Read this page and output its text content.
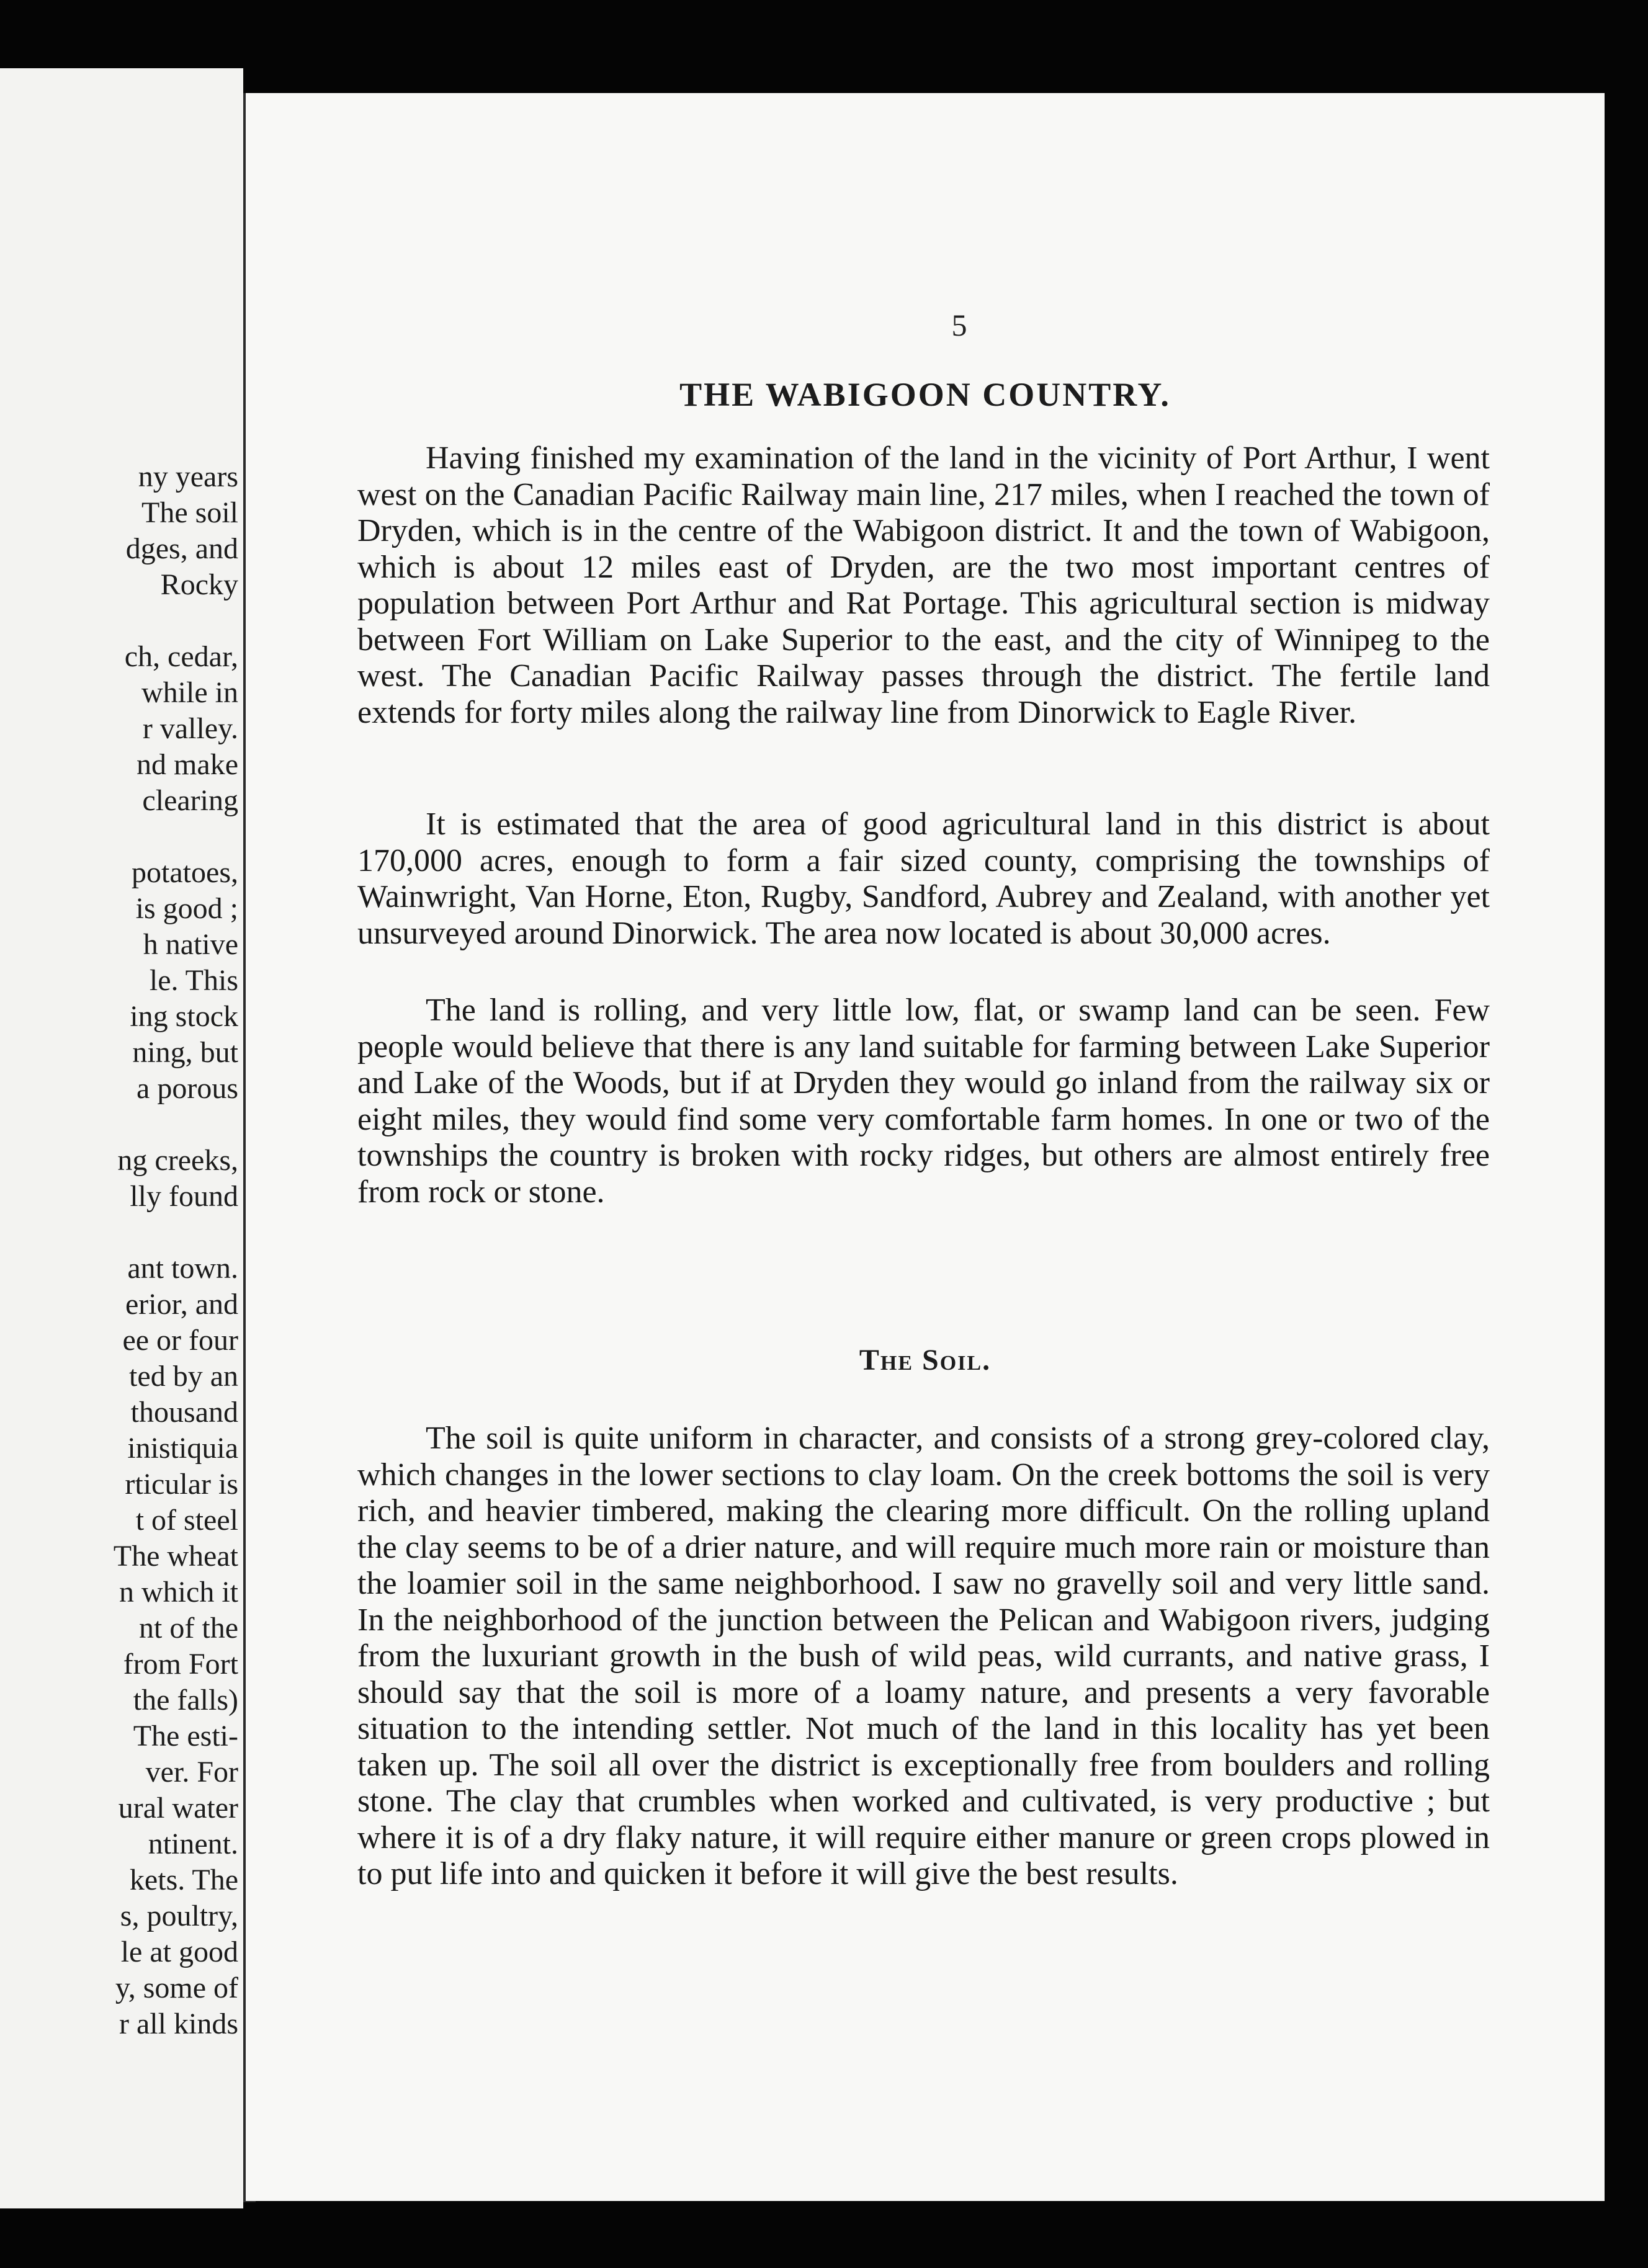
ny years

The soil

dges, and

Rocky

ch, cedar,

while in

r valley.

nd make

clearing

potatoes,

is good ;

h native

le. This

ing stock

ning, but

a porous

ng creeks,

lly found

ant town.

erior, and

ee or four

ted by an

thousand

inistiquia

rticular is

t of steel

The wheat

n which it

nt of the

from Fort

the falls)

The esti-

ver. For

ural water

ntinent.

kets. The

s, poultry,

le at good

y, some of

r all kinds

5

THE WABIGOON COUNTRY.

Having finished my examination of the land in the vicinity of Port Arthur, I went west on the Canadian Pacific Railway main line, 217 miles, when I reached the town of Dryden, which is in the centre of the Wabigoon district. It and the town of Wabigoon, which is about 12 miles east of Dryden, are the two most important centres of population between Port Arthur and Rat Portage. This agricultural section is midway between Fort William on Lake Superior to the east, and the city of Winnipeg to the west. The Canadian Pacific Railway passes through the district. The fertile land extends for forty miles along the railway line from Dinorwick to Eagle River.

It is estimated that the area of good agricultural land in this district is about 170,000 acres, enough to form a fair sized county, comprising the townships of Wainwright, Van Horne, Eton, Rugby, Sandford, Aubrey and Zealand, with another yet unsurveyed around Dinorwick. The area now located is about 30,000 acres.

The land is rolling, and very little low, flat, or swamp land can be seen. Few people would believe that there is any land suitable for farming between Lake Superior and Lake of the Woods, but if at Dryden they would go inland from the railway six or eight miles, they would find some very comfortable farm homes. In one or two of the townships the country is broken with rocky ridges, but others are almost entirely free from rock or stone.

The Soil.

The soil is quite uniform in character, and consists of a strong grey-colored clay, which changes in the lower sections to clay loam. On the creek bottoms the soil is very rich, and heavier timbered, making the clearing more difficult. On the rolling upland the clay seems to be of a drier nature, and will require much more rain or moisture than the loamier soil in the same neighborhood. I saw no gravelly soil and very little sand. In the neighborhood of the junction between the Pelican and Wabigoon rivers, judging from the luxuriant growth in the bush of wild peas, wild currants, and native grass, I should say that the soil is more of a loamy nature, and presents a very favorable situation to the intending settler. Not much of the land in this locality has yet been taken up. The soil all over the district is exceptionally free from boulders and rolling stone. The clay that crumbles when worked and cultivated, is very productive ; but where it is of a dry flaky nature, it will require either manure or green crops plowed in to put life into and quicken it before it will give the best results.
